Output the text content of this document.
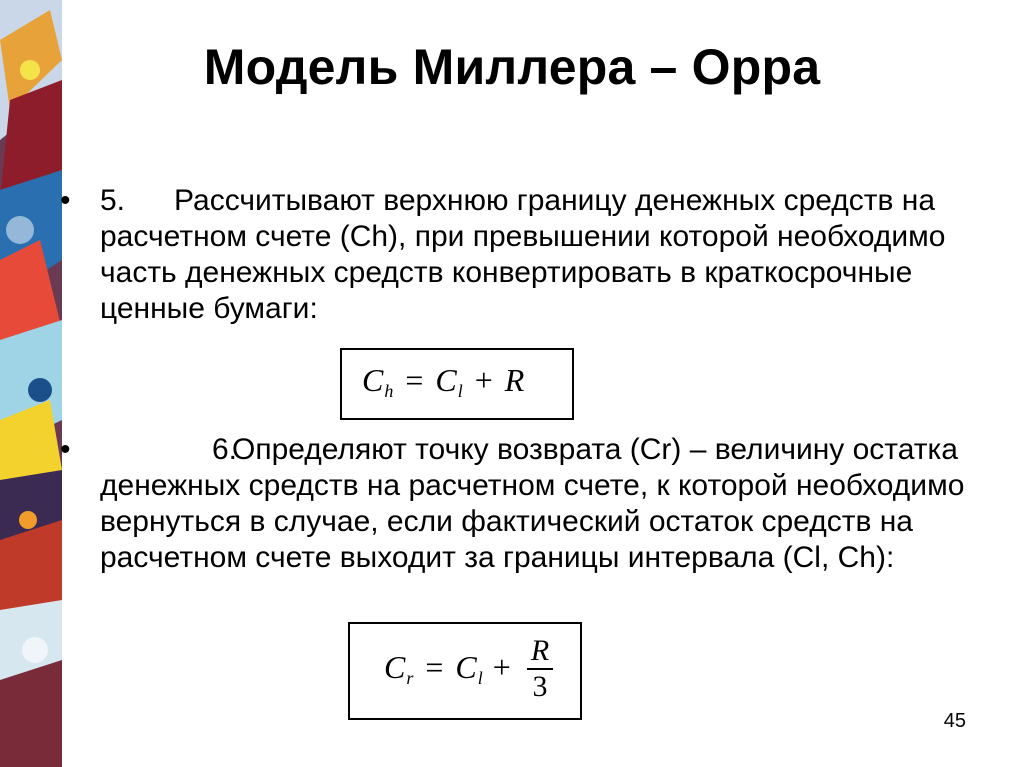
Модель Миллера – Орра
• 5. Рассчитывают верхнюю границу денежных средств на расчетном счете (Ch), при превышении которой необходимо часть денежных средств конвертировать в краткосрочные ценные бумаги:
$C_h = C_l + R$
•	6.Определяют точку возврата (Cr) – величину остатка денежных средств на расчетном счете, к которой необходимо вернуться в случае, если фактический остаток средств на расчетном счете выходит за границы интервала (Cl, Ch):
$C_r = C_l + \frac{R}{3}$
45
